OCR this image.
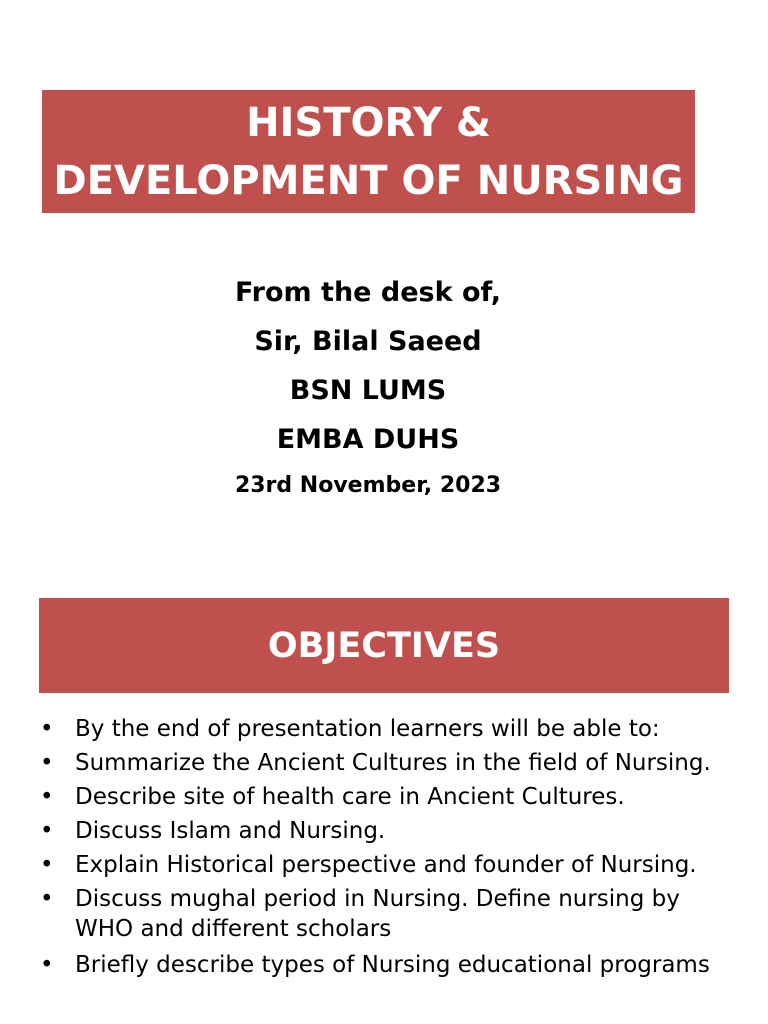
HISTORY &
DEVELOPMENT OF NURSING
From the desk of,
Sir, Bilal Saeed
BSN LUMS
EMBA DUHS
23rd November, 2023
OBJECTIVES
• By the end of presentation learners will be able to:
• Summarize the Ancient Cultures in the field of Nursing.
• Describe site of health care in Ancient Cultures.
• Discuss Islam and Nursing.
• Explain Historical perspective and founder of Nursing.
• Discuss mughal period in Nursing. Define nursing by WHO and different scholars
• Briefly describe types of Nursing educational programs
